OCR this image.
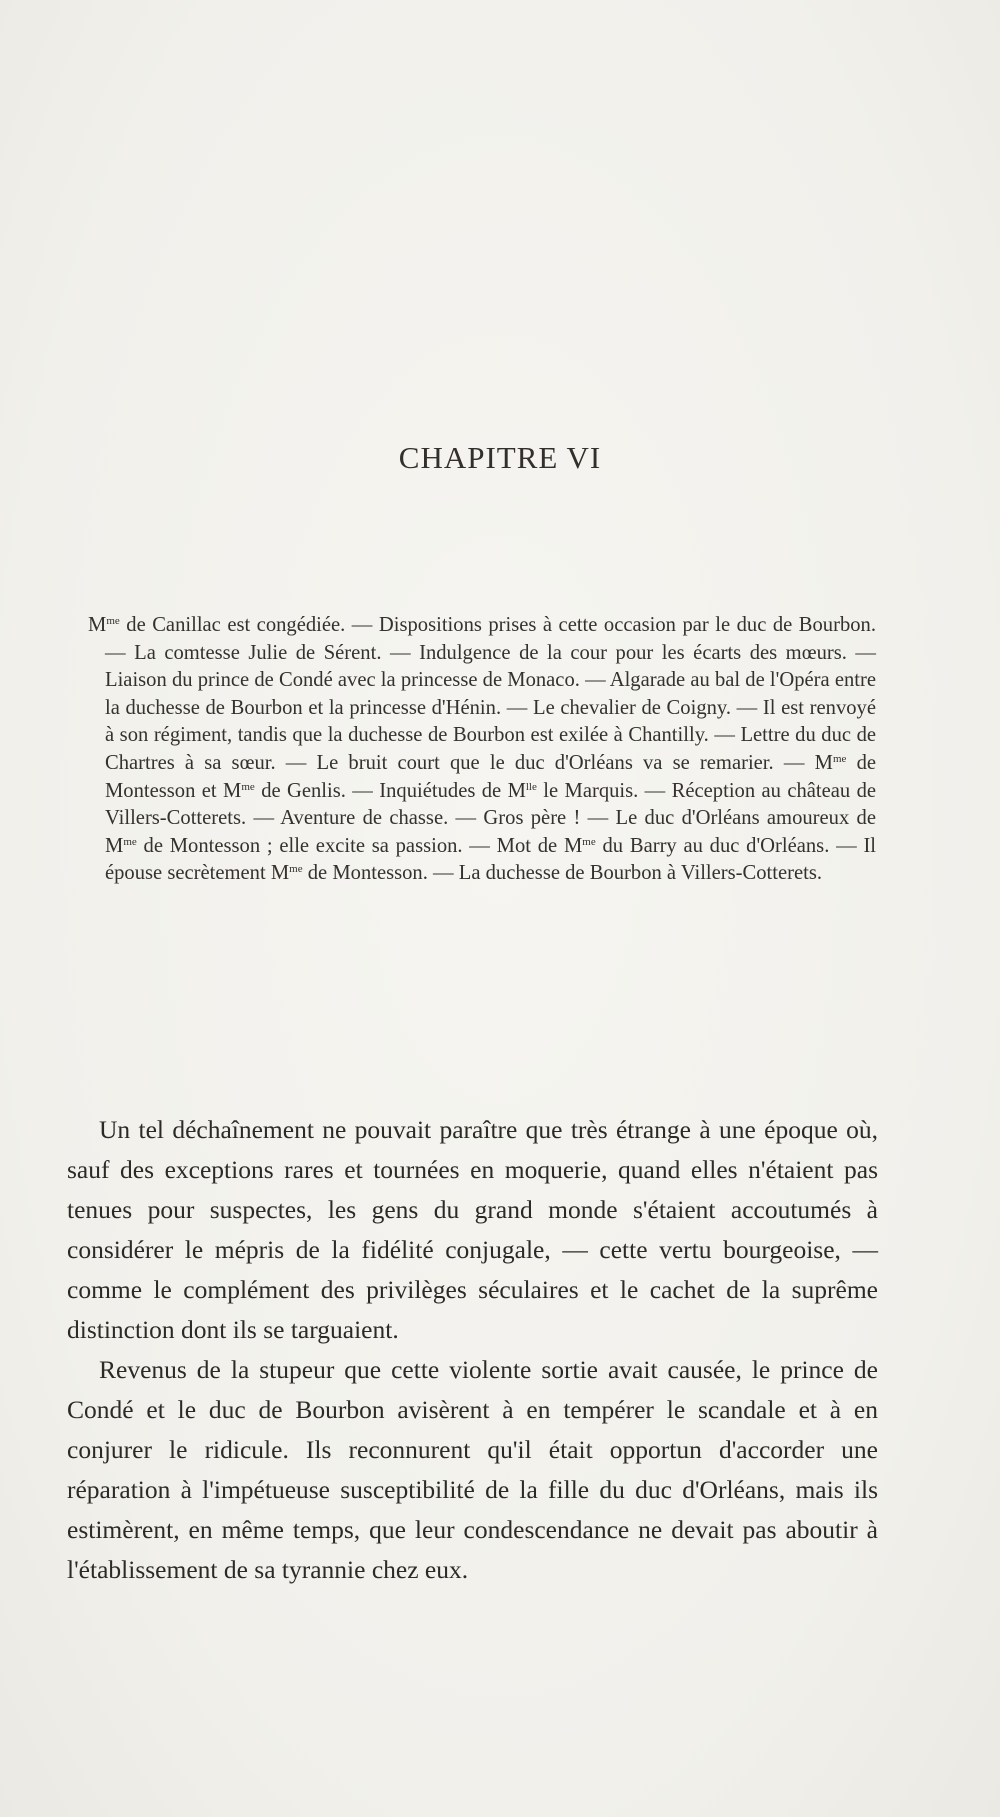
CHAPITRE VI
$M^{me}$ de Canillac est congédiée. — Dispositions prises à cette occasion par le duc de Bourbon. — La comtesse Julie de Sérent. — Indulgence de la cour pour les écarts des mœurs. — Liaison du prince de Condé avec la princesse de Monaco. — Algarade au bal de l'Opéra entre la duchesse de Bourbon et la princesse d'Hénin. — Le chevalier de Coigny. — Il est renvoyé à son régiment, tandis que la duchesse de Bourbon est exilée à Chantilly. — Lettre du duc de Chartres à sa sœur. — Le bruit court que le duc d'Orléans va se remarier. — $M^{me}$ de Montesson et $M^{me}$ de Genlis. — Inquiétudes de $M^{lle}$ le Marquis. — Réception au château de Villers-Cotterets. — Aventure de chasse. — Gros père ! — Le duc d'Orléans amoureux de $M^{me}$ de Montesson ; elle excite sa passion. — Mot de $M^{me}$ du Barry au duc d'Orléans. — Il épouse secrètement $M^{me}$ de Montesson. — La duchesse de Bourbon à Villers-Cotterets.

Un tel déchaînement ne pouvait paraître que très étrange à une époque où, sauf des exceptions rares et tournées en moquerie, quand elles n'étaient pas tenues pour suspectes, les gens du grand monde s'étaient accoutumés à considérer le mépris de la fidélité conjugale, — cette vertu bourgeoise, — comme le complément des privilèges séculaires et le cachet de la suprême distinction dont ils se targuaient.

Revenus de la stupeur que cette violente sortie avait causée, le prince de Condé et le duc de Bourbon avisèrent à en tempérer le scandale et à en conjurer le ridicule. Ils reconnurent qu'il était opportun d'accorder une réparation à l'impétueuse susceptibilité de la fille du duc d'Orléans, mais ils estimèrent, en même temps, que leur condescendance ne devait pas aboutir à l'établissement de sa tyrannie chez eux.
